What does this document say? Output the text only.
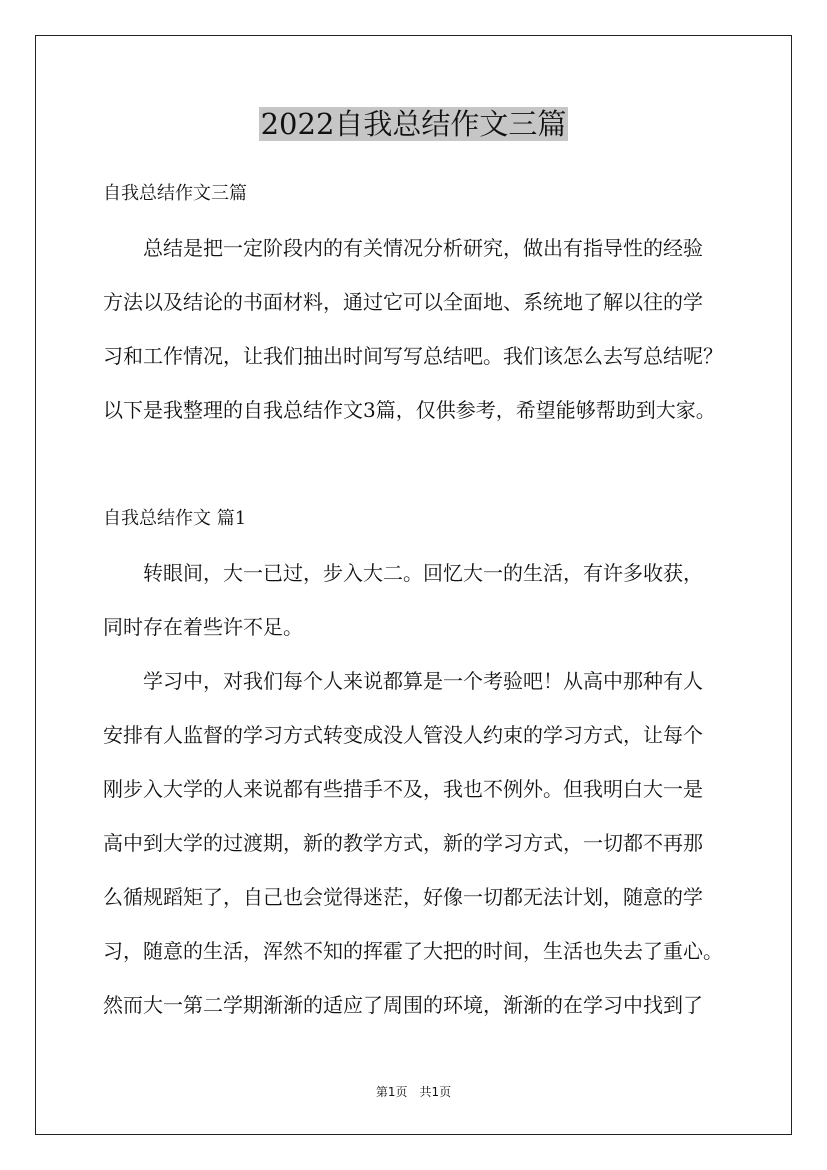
2022自我总结作文三篇

自我总结作文三篇

总结是把一定阶段内的有关情况分析研究，做出有指导性的经验

方法以及结论的书面材料，通过它可以全面地、系统地了解以往的学

习和工作情况，让我们抽出时间写写总结吧。我们该怎么去写总结呢？

以下是我整理的自我总结作文3篇，仅供参考，希望能够帮助到大家。

自我总结作文 篇1

转眼间，大一已过，步入大二。回忆大一的生活，有许多收获，

同时存在着些许不足。

学习中，对我们每个人来说都算是一个考验吧！从高中那种有人

安排有人监督的学习方式转变成没人管没人约束的学习方式，让每个

刚步入大学的人来说都有些措手不及，我也不例外。但我明白大一是

高中到大学的过渡期，新的教学方式，新的学习方式，一切都不再那

么循规蹈矩了，自己也会觉得迷茫，好像一切都无法计划，随意的学

习，随意的生活，浑然不知的挥霍了大把的时间，生活也失去了重心。

然而大一第二学期渐渐的适应了周围的环境，渐渐的在学习中找到了

第1页 共1页
